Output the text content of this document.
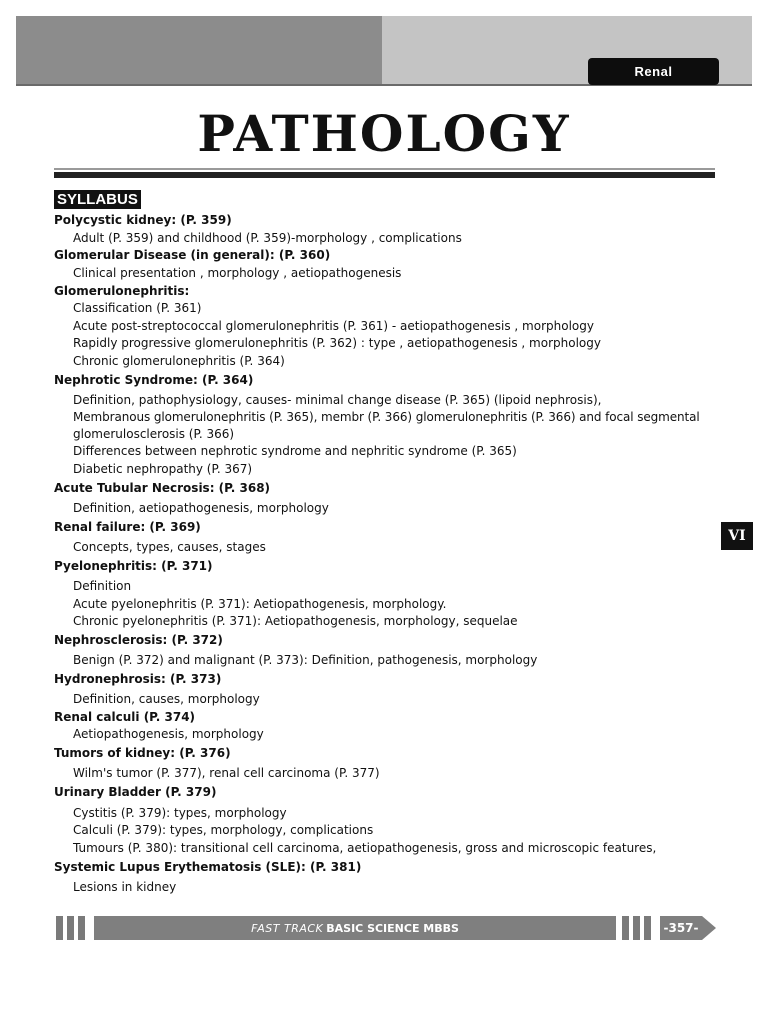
Renal
PATHOLOGY
SYLLABUS
VI
Polycystic kidney: (P. 359)
Adult (P. 359) and childhood (P. 359)-morphology , complications
Glomerular Disease (in general): (P. 360)
Clinical presentation , morphology , aetiopathogenesis
Glomerulonephritis:
Classification (P. 361)
Acute post-streptococcal glomerulonephritis (P. 361) - aetiopathogenesis , morphology
Rapidly progressive glomerulonephritis (P. 362) : type , aetiopathogenesis , morphology
Chronic glomerulonephritis (P. 364)
Nephrotic Syndrome: (P. 364)
Definition, pathophysiology, causes- minimal change disease (P. 365) (lipoid nephrosis),
Membranous glomerulonephritis (P. 365), membr (P. 366) glomerulonephritis (P. 366) and focal segmental
glomerulosclerosis (P. 366)
Differences between nephrotic syndrome and nephritic syndrome (P. 365)
Diabetic nephropathy (P. 367)
Acute Tubular Necrosis: (P. 368)
Definition, aetiopathogenesis, morphology
Renal failure: (P. 369)
Concepts, types, causes, stages
Pyelonephritis: (P. 371)
Definition
Acute pyelonephritis (P. 371): Aetiopathogenesis, morphology.
Chronic pyelonephritis (P. 371): Aetiopathogenesis, morphology, sequelae
Nephrosclerosis: (P. 372)
Benign (P. 372) and malignant (P. 373): Definition, pathogenesis, morphology
Hydronephrosis: (P. 373)
Definition, causes, morphology
Renal calculi (P. 374)
Aetiopathogenesis, morphology
Tumors of kidney: (P. 376)
Wilm's tumor (P. 377), renal cell carcinoma (P. 377)
Urinary Bladder (P. 379)
Cystitis (P. 379): types, morphology
Calculi (P. 379): types, morphology, complications
Tumours (P. 380): transitional cell carcinoma, aetiopathogenesis, gross and microscopic features,
Systemic Lupus Erythematosis (SLE): (P. 381)
Lesions in kidney
FAST TRACK BASIC SCIENCE MBBS	-357-
